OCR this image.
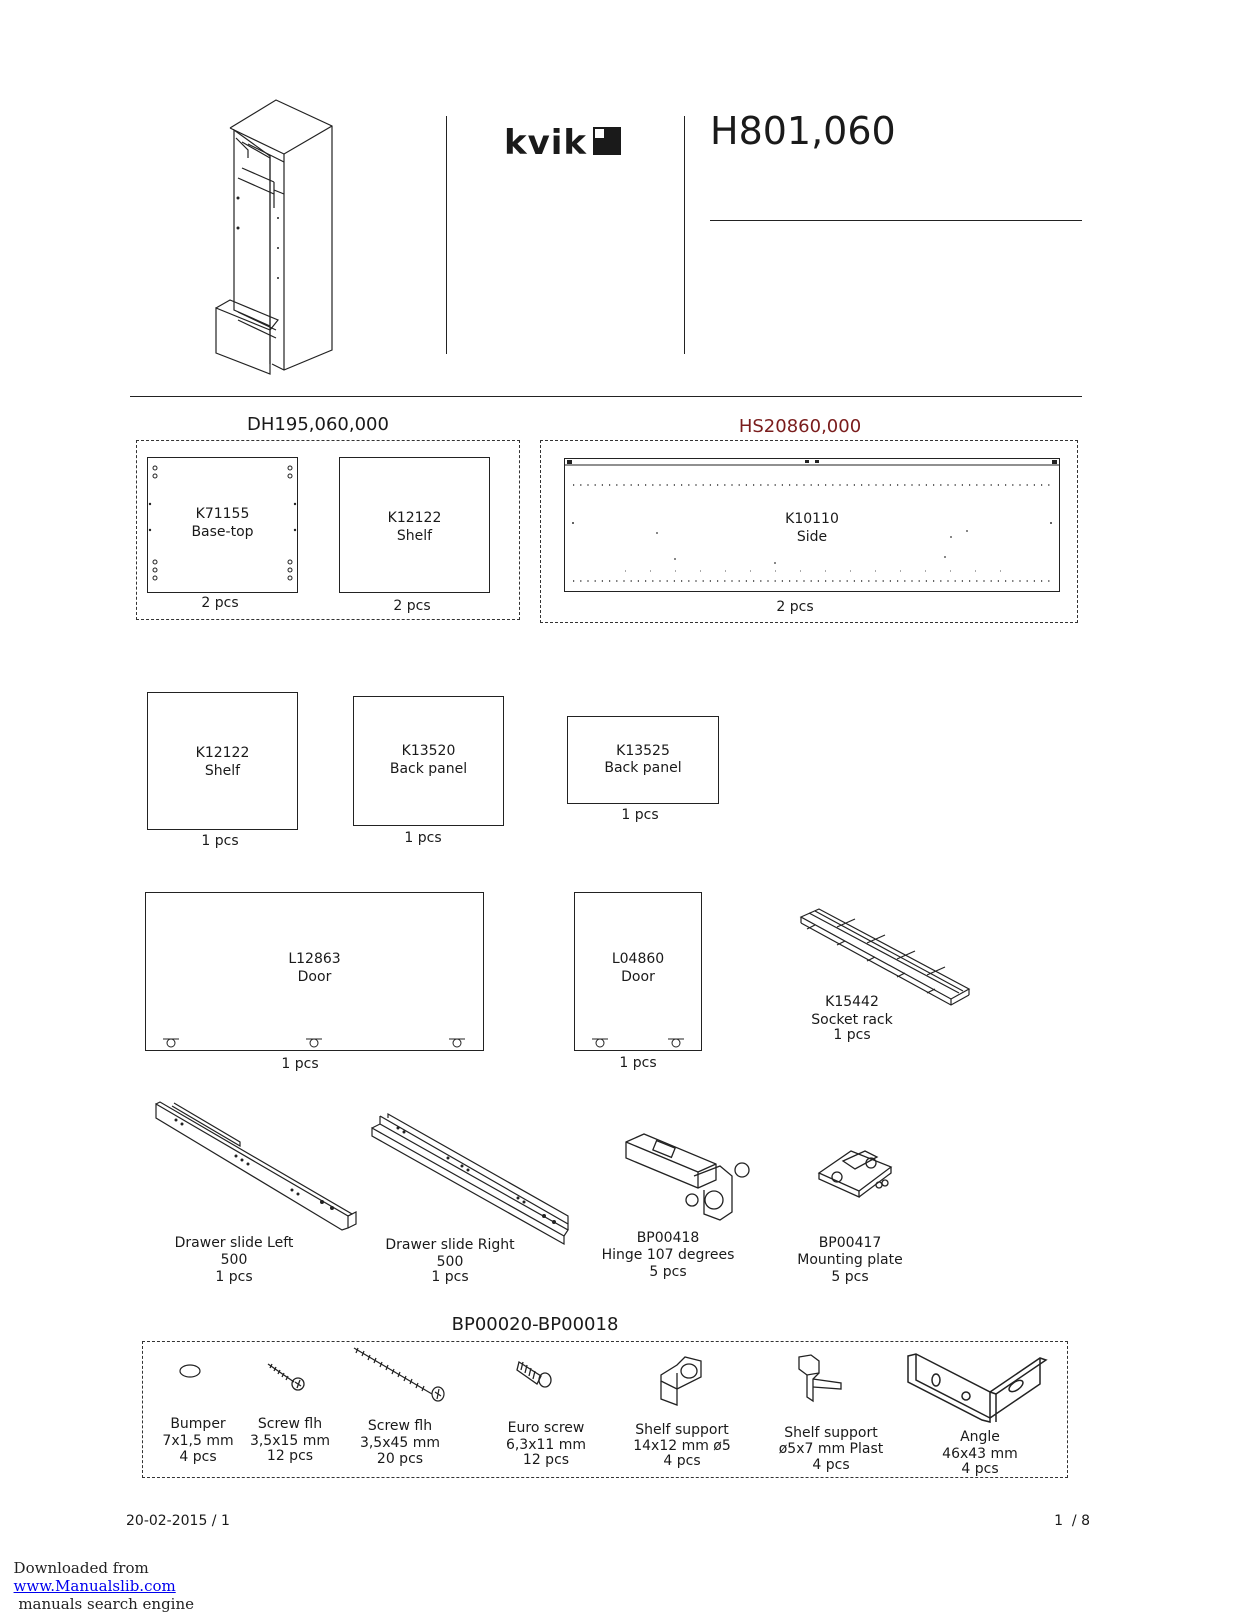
kvik	H801,060
DH195,060,000
K71155
Base-top
2 pcs
K12122
Shelf
2 pcs
HS20860,000
K10110
Side
2 pcs
K12122
Shelf
1 pcs
K13520
Back panel
1 pcs
K13525
Back panel
1 pcs
L12863
Door
1 pcs
L04860
Door
1 pcs
K15442
Socket rack
1 pcs
Drawer slide Left
500
1 pcs
Drawer slide Right
500
1 pcs
BP00418
Hinge 107 degrees
5 pcs
BP00417
Mounting plate
5 pcs
BP00020-BP00018
Bumper
7x1,5 mm
4 pcs
Screw flh
3,5x15 mm
12 pcs
Screw flh
3,5x45 mm
20 pcs
Euro screw
6,3x11 mm
12 pcs
Shelf support
14x12 mm ø5
4 pcs
Shelf support
ø5x7 mm Plast
4 pcs
Angle
46x43 mm
4 pcs
20-02-2015 / 1	1  / 8

Downloaded from
www.Manualslib.com
manuals search engine
